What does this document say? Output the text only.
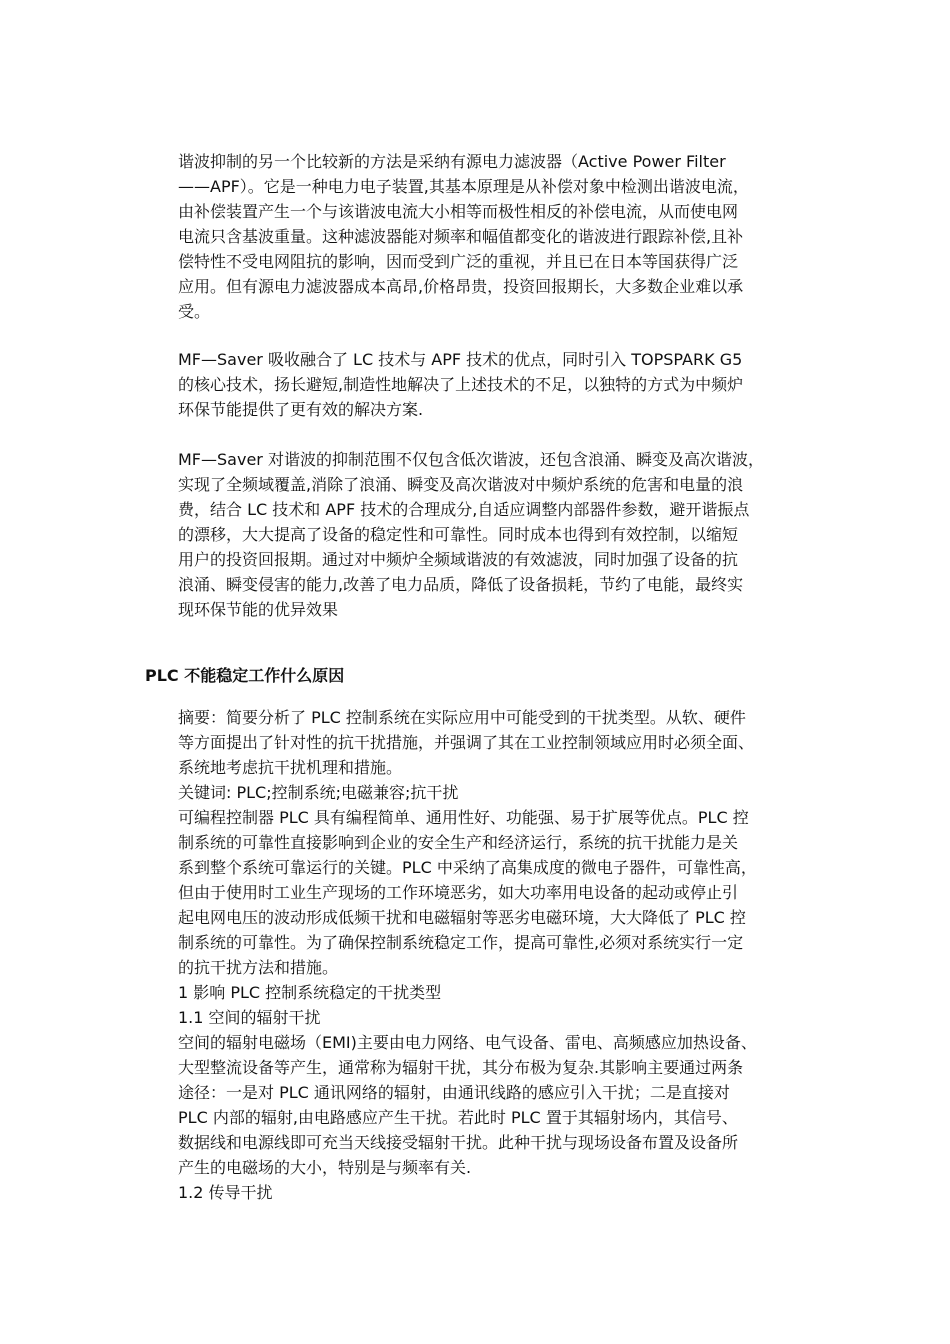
谐波抑制的另一个比较新的方法是采纳有源电力滤波器（Active Power Filter
——APF）。它是一种电力电子装置,其基本原理是从补偿对象中检测出谐波电流，
由补偿装置产生一个与该谐波电流大小相等而极性相反的补偿电流，从而使电网
电流只含基波重量。这种滤波器能对频率和幅值都变化的谐波进行跟踪补偿,且补
偿特性不受电网阻抗的影响，因而受到广泛的重视，并且已在日本等国获得广泛
应用。但有源电力滤波器成本高昂,价格昂贵，投资回报期长，大多数企业难以承
受。

MF—Saver 吸收融合了 LC 技术与 APF 技术的优点，同时引入 TOPSPARK G5
的核心技术，扬长避短,制造性地解决了上述技术的不足，以独特的方式为中频炉
环保节能提供了更有效的解决方案.

MF—Saver 对谐波的抑制范围不仅包含低次谐波，还包含浪涌、瞬变及高次谐波，
实现了全频域覆盖,消除了浪涌、瞬变及高次谐波对中频炉系统的危害和电量的浪
费，结合 LC 技术和 APF 技术的合理成分,自适应调整内部器件参数，避开谐振点
的漂移，大大提高了设备的稳定性和可靠性。同时成本也得到有效控制，以缩短
用户的投资回报期。通过对中频炉全频域谐波的有效滤波，同时加强了设备的抗
浪涌、瞬变侵害的能力,改善了电力品质，降低了设备损耗，节约了电能，最终实
现环保节能的优异效果

PLC 不能稳定工作什么原因

摘要：简要分析了 PLC 控制系统在实际应用中可能受到的干扰类型。从软、硬件
等方面提出了针对性的抗干扰措施，并强调了其在工业控制领域应用时必须全面、
系统地考虑抗干扰机理和措施。

关键词: PLC;控制系统;电磁兼容;抗干扰

可编程控制器 PLC 具有编程简单、通用性好、功能强、易于扩展等优点。PLC 控
制系统的可靠性直接影响到企业的安全生产和经济运行，系统的抗干扰能力是关
系到整个系统可靠运行的关键。PLC 中采纳了高集成度的微电子器件，可靠性高，
但由于使用时工业生产现场的工作环境恶劣，如大功率用电设备的起动或停止引
起电网电压的波动形成低频干扰和电磁辐射等恶劣电磁环境，大大降低了 PLC 控
制系统的可靠性。为了确保控制系统稳定工作，提高可靠性,必须对系统实行一定
的抗干扰方法和措施。

1 影响 PLC 控制系统稳定的干扰类型

1.1 空间的辐射干扰

空间的辐射电磁场（EMI)主要由电力网络、电气设备、雷电、高频感应加热设备、
大型整流设备等产生，通常称为辐射干扰，其分布极为复杂.其影响主要通过两条
途径：一是对 PLC 通讯网络的辐射，由通讯线路的感应引入干扰；二是直接对
PLC 内部的辐射,由电路感应产生干扰。若此时 PLC 置于其辐射场内，其信号、
数据线和电源线即可充当天线接受辐射干扰。此种干扰与现场设备布置及设备所
产生的电磁场的大小，特别是与频率有关.

1.2 传导干扰
